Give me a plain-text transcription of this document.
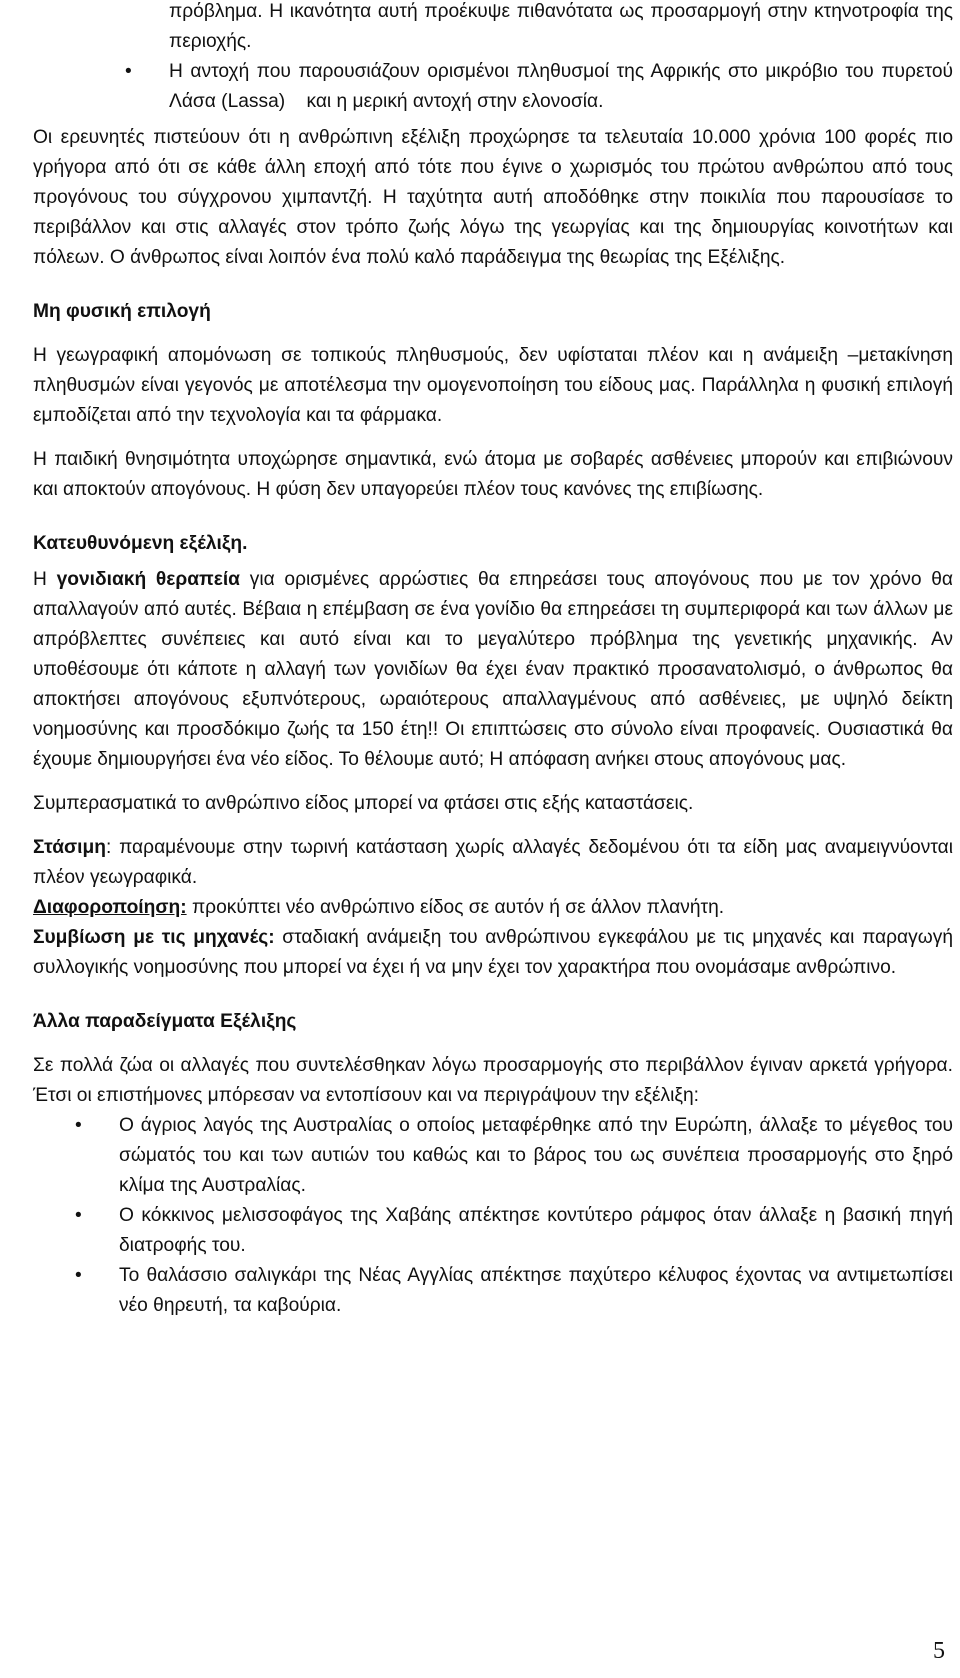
πρόβλημα. Η ικανότητα αυτή προέκυψε πιθανότατα ως προσαρμογή στην κτηνοτροφία της περιοχής.
• Η αντοχή που παρουσιάζουν ορισμένοι πληθυσμοί της Αφρικής στο μικρόβιο του πυρετού Λάσα (Lassa)    και η μερική αντοχή στην ελονοσία.

Οι ερευνητές πιστεύουν ότι η ανθρώπινη εξέλιξη προχώρησε τα τελευταία 10.000 χρόνια 100 φορές πιο γρήγορα από ότι σε κάθε άλλη εποχή από τότε που έγινε ο χωρισμός του πρώτου ανθρώπου από τους προγόνους του σύγχρονου χιμπαντζή. Η ταχύτητα αυτή αποδόθηκε στην ποικιλία που παρουσίασε το περιβάλλον και στις αλλαγές στον τρόπο ζωής λόγω της γεωργίας και της δημιουργίας κοινοτήτων και πόλεων. Ο άνθρωπος είναι λοιπόν ένα πολύ καλό παράδειγμα της θεωρίας της Εξέλιξης.

Μη φυσική επιλογή

Η γεωγραφική απομόνωση σε τοπικούς πληθυσμούς, δεν υφίσταται πλέον και η ανάμειξη –μετακίνηση πληθυσμών είναι γεγονός με αποτέλεσμα την ομογενοποίηση του είδους μας. Παράλληλα η φυσική επιλογή εμποδίζεται από την τεχνολογία και τα φάρμακα.

Η παιδική θνησιμότητα υποχώρησε σημαντικά, ενώ άτομα με σοβαρές ασθένειες μπορούν και επιβιώνουν και αποκτούν απογόνους. Η φύση δεν υπαγορεύει πλέον τους κανόνες της επιβίωσης.

Κατευθυνόμενη εξέλιξη.

Η γονιδιακή θεραπεία για ορισμένες αρρώστιες θα επηρεάσει τους απογόνους που με τον χρόνο θα απαλλαγούν από αυτές. Βέβαια η επέμβαση σε ένα γονίδιο θα επηρεάσει τη συμπεριφορά και των άλλων με απρόβλεπτες συνέπειες και αυτό είναι και το μεγαλύτερο πρόβλημα της γενετικής μηχανικής. Αν υποθέσουμε ότι κάποτε η αλλαγή των γονιδίων θα έχει έναν πρακτικό προσανατολισμό, ο άνθρωπος θα αποκτήσει απογόνους εξυπνότερους, ωραιότερους απαλλαγμένους από ασθένειες, με υψηλό δείκτη νοημοσύνης και προσδόκιμο ζωής τα 150 έτη!! Οι επιπτώσεις στο σύνολο είναι προφανείς. Ουσιαστικά θα έχουμε δημιουργήσει ένα νέο είδος. Το θέλουμε αυτό; Η απόφαση ανήκει στους απογόνους μας.

Συμπερασματικά το ανθρώπινο είδος μπορεί να φτάσει στις εξής καταστάσεις.

Στάσιμη: παραμένουμε στην τωρινή κατάσταση χωρίς αλλαγές δεδομένου ότι τα είδη μας αναμειγνύονται πλέον γεωγραφικά.

Διαφοροποίηση: προκύπτει νέο ανθρώπινο είδος σε αυτόν ή σε άλλον πλανήτη.

Συμβίωση με τις μηχανές: σταδιακή ανάμειξη του ανθρώπινου εγκεφάλου με τις μηχανές και παραγωγή συλλογικής νοημοσύνης που μπορεί να έχει ή να μην έχει τον χαρακτήρα που ονομάσαμε ανθρώπινο.

Άλλα παραδείγματα Εξέλιξης

Σε πολλά ζώα οι αλλαγές που συντελέσθηκαν λόγω προσαρμογής στο περιβάλλον έγιναν αρκετά γρήγορα. Έτσι οι επιστήμονες μπόρεσαν να εντοπίσουν και να περιγράψουν την εξέλιξη:

• Ο άγριος λαγός της Αυστραλίας ο οποίος μεταφέρθηκε από την Ευρώπη, άλλαξε το μέγεθος του σώματός του και των αυτιών του καθώς και το βάρος του ως συνέπεια προσαρμογής στο ξηρό κλίμα της Αυστραλίας.
• Ο κόκκινος μελισσοφάγος της Χαβάης απέκτησε κοντύτερο ράμφος όταν άλλαξε η βασική πηγή διατροφής του.
• Το θαλάσσιο σαλιγκάρι της Νέας Αγγλίας απέκτησε παχύτερο κέλυφος έχοντας να αντιμετωπίσει νέο θηρευτή, τα καβούρια.
5
